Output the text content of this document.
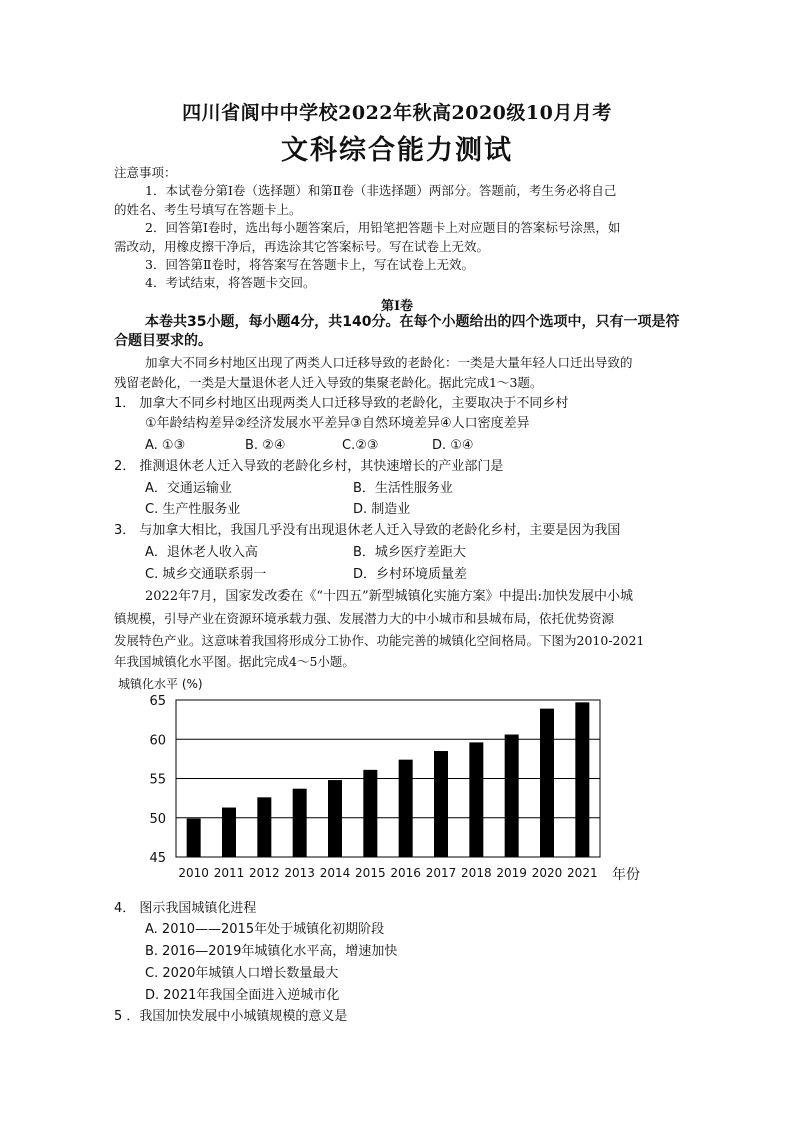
四川省阆中中学校2022年秋高2020级10月月考
文科综合能力测试
注意事项：
1．本试卷分第Ⅰ卷（选择题）和第Ⅱ卷（非选择题）两部分。答题前，考生务必将自己
的姓名、考生号填写在答题卡上。
2．回答第Ⅰ卷时，选出每小题答案后，用铅笔把答题卡上对应题目的答案标号涂黑，如
需改动，用橡皮擦干净后，再选涂其它答案标号。写在试卷上无效。
3．回答第Ⅱ卷时，将答案写在答题卡上，写在试卷上无效。
4．考试结束，将答题卡交回。
第Ⅰ卷
本卷共35小题，每小题4分，共140分。在每个小题给出的四个选项中，只有一项是符
合题目要求的。
加拿大不同乡村地区出现了两类人口迁移导致的老龄化：一类是大量年轻人口迁出导致的
残留老龄化，一类是大量退休老人迁入导致的集聚老龄化。据此完成1～3题。
1． 加拿大不同乡村地区出现两类人口迁移导致的老龄化，主要取决于不同乡村
①年龄结构差异②经济发展水平差异③自然环境差异④人口密度差异
A. ①③	B. ②④	C.②③	D. ①④
2． 推测退休老人迁入导致的老龄化乡村，其快速增长的产业部门是
A．交通运输业	B．生活性服务业
C. 生产性服务业	D. 制造业
3． 与加拿大相比，我国几乎没有出现退休老人迁入导致的老龄化乡村，主要是因为我国
A．退休老人收入高	B．城乡医疗差距大
C. 城乡交通联系弱一	D．乡村环境质量差
2022年7月，国家发改委在《“十四五”新型城镇化实施方案》中提出:加快发展中小城
镇规模，引导产业在资源环境承载力强、发展潜力大的中小城市和县城布局，依托优势资源
发展特色产业。这意味着我国将形成分工协作、功能完善的城镇化空间格局。下图为2010-2021
年我国城镇化水平图。据此完成4～5小题。
城镇化水平 (%)
45
50
55
60
65
2010 2011 2012 2013 2014 2015 2016 2017 2018 2019 2020 2021 年份
4． 图示我国城镇化进程
A. 2010——2015年处于城镇化初期阶段
B. 2016—2019年城镇化水平高，增速加快
C. 2020年城镇人口增长数量最大
D. 2021年我国全面进入逆城市化
5 ．我国加快发展中小城镇规模的意义是
